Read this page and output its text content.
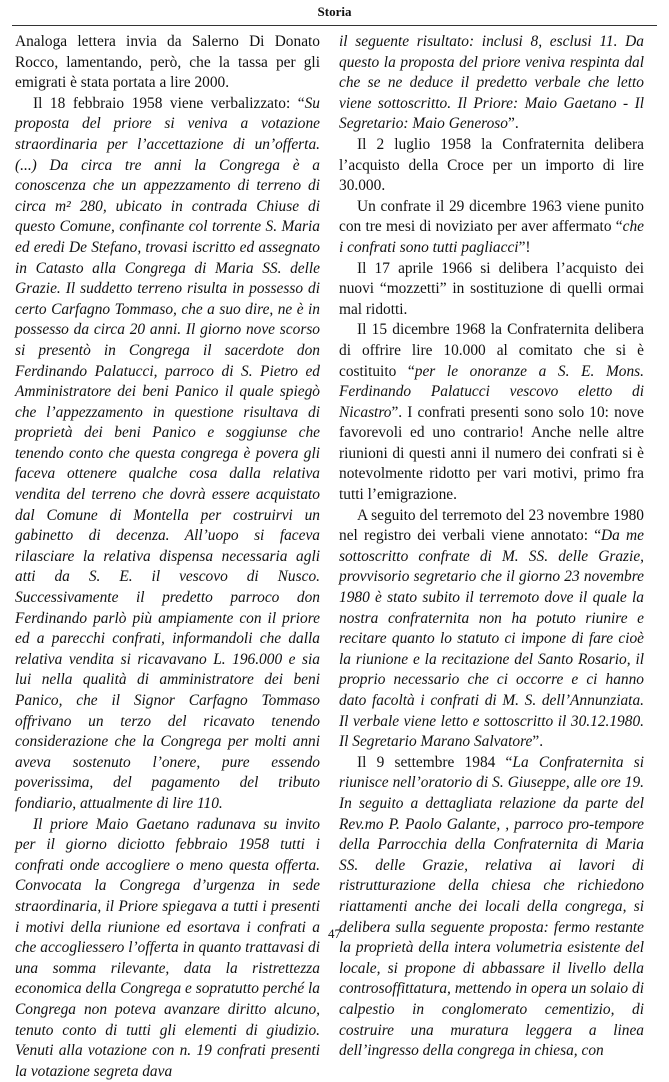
Storia

Analoga lettera invia da Salerno Di Donato Rocco, lamentando, però, che la tassa per gli emigrati è stata portata a lire 2000.

Il 18 febbraio 1958 viene verbalizzato: “Su proposta del priore si veniva a votazione straordinaria per l’accettazione di un’offerta. (...) Da circa tre anni la Congrega è a conoscenza che un appezzamento di terreno di circa m² 280, ubicato in contrada Chiuse di questo Comune, confinante col torrente S. Maria ed eredi De Stefano, trovasi iscritto ed assegnato in Catasto alla Congrega di Maria SS. delle Grazie. Il suddetto terreno risulta in possesso di certo Carfagno Tommaso, che a suo dire, ne è in possesso da circa 20 anni. Il giorno nove scorso si presentò in Congrega il sacerdote don Ferdinando Palatucci, parroco di S. Pietro ed Amministratore dei beni Panico il quale spiegò che l’appezzamento in questione risultava di proprietà dei beni Panico e soggiunse che tenendo conto che questa congrega è povera gli faceva ottenere qualche cosa dalla relativa vendita del terreno che dovrà essere acquistato dal Comune di Montella per costruirvi un gabinetto di decenza. All’uopo si faceva rilasciare la relativa dispensa necessaria agli atti da S. E. il vescovo di Nusco. Successivamente il predetto parroco don Ferdinando parlò più ampiamente con il priore ed a parecchi confrati, informandoli che dalla relativa vendita si ricavavano L. 196.000 e sia lui nella qualità di amministratore dei beni Panico, che il Signor Carfagno Tommaso offrivano un terzo del ricavato tenendo considerazione che la Congrega per molti anni aveva sostenuto l’onere, pure essendo poverissima, del pagamento del tributo fondiario, attualmente di lire 110.

Il priore Maio Gaetano radunava su invito per il giorno diciotto febbraio 1958 tutti i confrati onde accogliere o meno questa offerta. Convocata la Congrega d’urgenza in sede straordinaria, il Priore spiegava a tutti i presenti i motivi della riunione ed esortava i confrati a che accogliessero l’offerta in quanto trattavasi di una somma rilevante, data la ristrettezza economica della Congrega e sopratutto perché la Congrega non poteva avanzare diritto alcuno, tenuto conto di tutti gli elementi di giudizio. Venuti alla votazione con n. 19 confrati presenti la votazione segreta dava

il seguente risultato: inclusi 8, esclusi 11. Da questo la proposta del priore veniva respinta dal che se ne deduce il predetto verbale che letto viene sottoscritto. Il Priore: Maio Gaetano - Il Segretario: Maio Generoso”.

Il 2 luglio 1958 la Confraternita delibera l’acquisto della Croce per un importo di lire 30.000.

Un confrate il 29 dicembre 1963 viene punito con tre mesi di noviziato per aver affermato “che i confrati sono tutti pagliacci”!

Il 17 aprile 1966 si delibera l’acquisto dei nuovi “mozzetti” in sostituzione di quelli ormai mal ridotti.

Il 15 dicembre 1968 la Confraternita delibera di offrire lire 10.000 al comitato che si è costituito “per le onoranze a S. E. Mons. Ferdinando Palatucci vescovo eletto di Nicastro”. I confrati presenti sono solo 10: nove favorevoli ed uno contrario! Anche nelle altre riunioni di questi anni il numero dei confrati si è notevolmente ridotto per vari motivi, primo fra tutti l’emigrazione.

A seguito del terremoto del 23 novembre 1980 nel registro dei verbali viene annotato: “Da me sottoscritto confrate di M. SS. delle Grazie, provvisorio segretario che il giorno 23 novembre 1980 è stato subito il terremoto dove il quale la nostra confraternita non ha potuto riunire e recitare quanto lo statuto ci impone di fare cioè la riunione e la recitazione del Santo Rosario, il proprio necessario che ci occorre e ci hanno dato facoltà i confrati di M. S. dell’Annunziata. Il verbale viene letto e sottoscritto il 30.12.1980. Il Segretario Marano Salvatore”.

Il 9 settembre 1984 “La Confraternita si riunisce nell’oratorio di S. Giuseppe, alle ore 19. In seguito a dettagliata relazione da parte del Rev.mo P. Paolo Galante, , parroco pro-tempore della Parrocchia della Confraternita di Maria SS. delle Grazie, relativa ai lavori di ristrutturazione della chiesa che richiedono riattamenti anche dei locali della congrega, si delibera sulla seguente proposta: fermo restante la proprietà della intera volumetria esistente del locale, si propone di abbassare il livello della controsoffittatura, mettendo in opera un solaio di calpestio in conglomerato cementizio, di costruire una muratura leggera a linea dell’ingresso della congrega in chiesa, con

47
